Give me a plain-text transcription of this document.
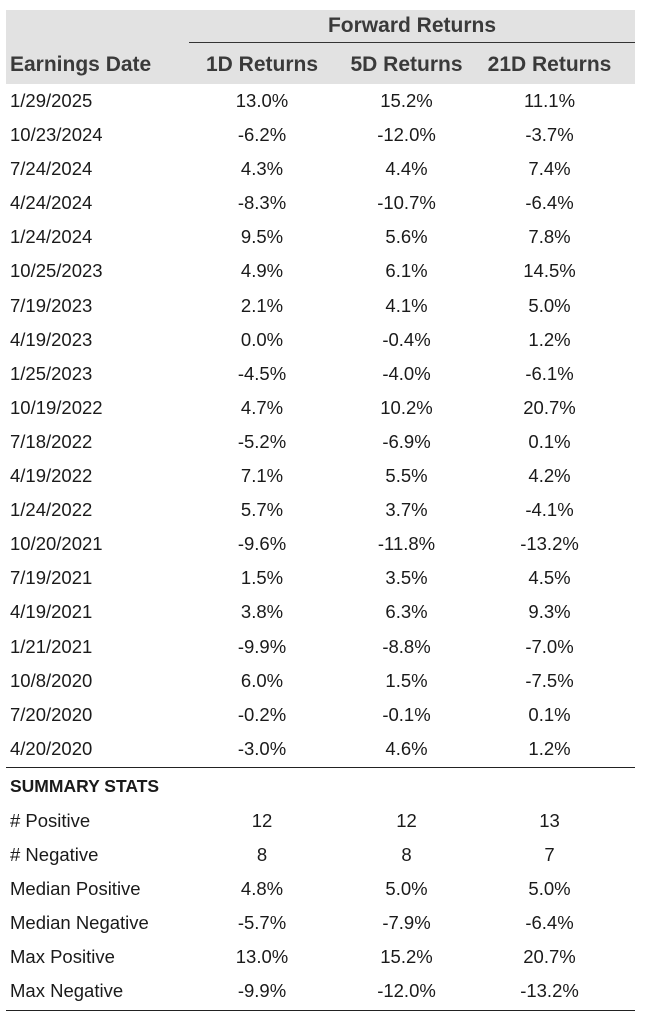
Forward Returns
Earnings Date	1D Returns	5D Returns	21D Returns
1/29/2025	13.0%	15.2%	11.1%
10/23/2024	-6.2%	-12.0%	-3.7%
7/24/2024	4.3%	4.4%	7.4%
4/24/2024	-8.3%	-10.7%	-6.4%
1/24/2024	9.5%	5.6%	7.8%
10/25/2023	4.9%	6.1%	14.5%
7/19/2023	2.1%	4.1%	5.0%
4/19/2023	0.0%	-0.4%	1.2%
1/25/2023	-4.5%	-4.0%	-6.1%
10/19/2022	4.7%	10.2%	20.7%
7/18/2022	-5.2%	-6.9%	0.1%
4/19/2022	7.1%	5.5%	4.2%
1/24/2022	5.7%	3.7%	-4.1%
10/20/2021	-9.6%	-11.8%	-13.2%
7/19/2021	1.5%	3.5%	4.5%
4/19/2021	3.8%	6.3%	9.3%
1/21/2021	-9.9%	-8.8%	-7.0%
10/8/2020	6.0%	1.5%	-7.5%
7/20/2020	-0.2%	-0.1%	0.1%
4/20/2020	-3.0%	4.6%	1.2%
SUMMARY STATS
# Positive	12	12	13
# Negative	8	8	7
Median Positive	4.8%	5.0%	5.0%
Median Negative	-5.7%	-7.9%	-6.4%
Max Positive	13.0%	15.2%	20.7%
Max Negative	-9.9%	-12.0%	-13.2%
